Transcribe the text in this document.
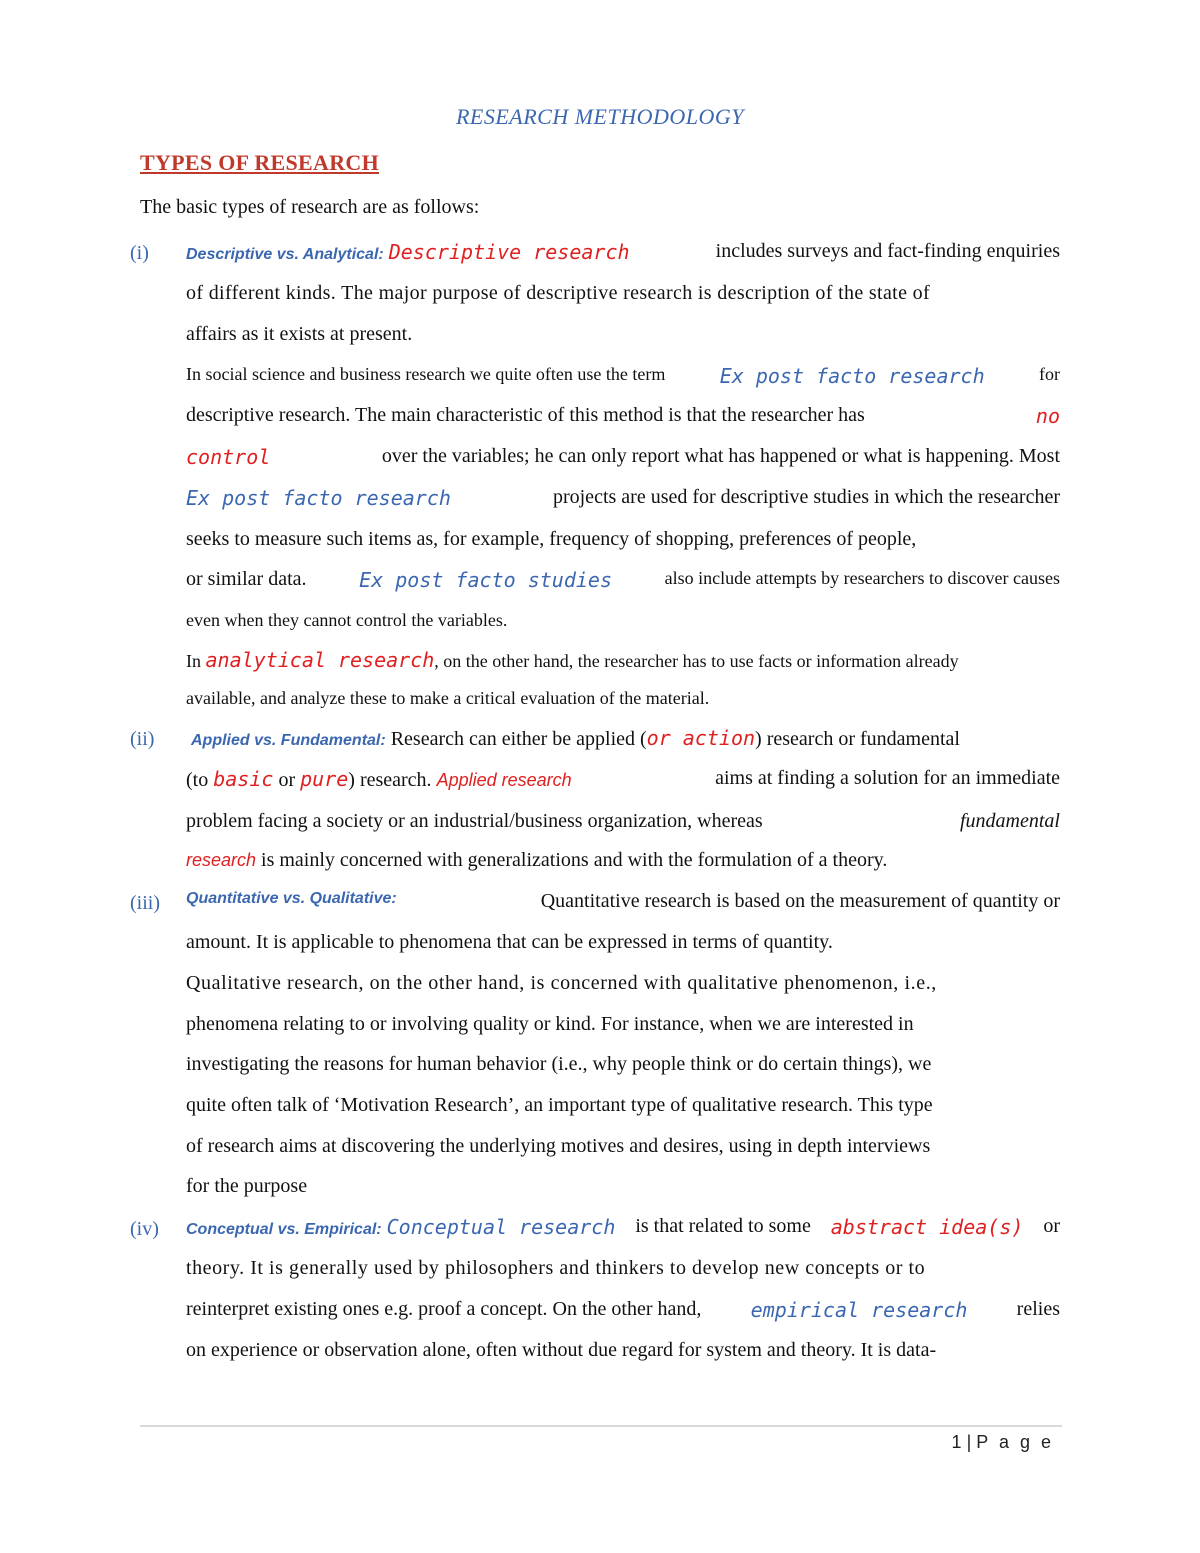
RESEARCH METHODOLOGY
TYPES OF RESEARCH
The basic types of research are as follows:
(i) Descriptive vs. Analytical: Descriptive research	includes surveys and fact-finding enquiries
of different kinds. The major purpose of descriptive research is description of the state of
affairs as it exists at present.
In social science and business research we quite often use the term	Ex post facto research	for
descriptive research. The main characteristic of this method is that the researcher has	no
control	over the variables; he can only report what has happened or what is happening. Most
Ex post facto research	projects are used for descriptive studies in which the researcher
seeks to measure such items as, for example, frequency of shopping, preferences of people,
or similar data.	Ex post facto studies	also include attempts by researchers to discover causes
even when they cannot control the variables.
In analytical research, on the other hand, the researcher has to use facts or information already
available, and analyze these to make a critical evaluation of the material.
(ii)	Applied vs. Fundamental: Research can either be applied (or action) research or fundamental
(to basic or pure) research. Applied research	aims at finding a solution for an immediate
problem facing a society or an industrial/business organization, whereas	fundamental
research is mainly concerned with generalizations and with the formulation of a theory.
(iii) Quantitative vs. Qualitative:	Quantitative research is based on the measurement of quantity or
amount. It is applicable to phenomena that can be expressed in terms of quantity.
Qualitative research, on the other hand, is concerned with qualitative phenomenon, i.e.,
phenomena relating to or involving quality or kind. For instance, when we are interested in
investigating the reasons for human behavior (i.e., why people think or do certain things), we
quite often talk of ‘Motivation Research’, an important type of qualitative research. This type
of research aims at discovering the underlying motives and desires, using in depth interviews
for the purpose
(iv) Conceptual vs. Empirical: Conceptual research is that related to some abstract idea(s) or
theory. It is generally used by philosophers and thinkers to develop new concepts or to
reinterpret existing ones e.g. proof a concept. On the other hand, empirical research relies
on experience or observation alone, often without due regard for system and theory. It is data-
1 | P a g e
